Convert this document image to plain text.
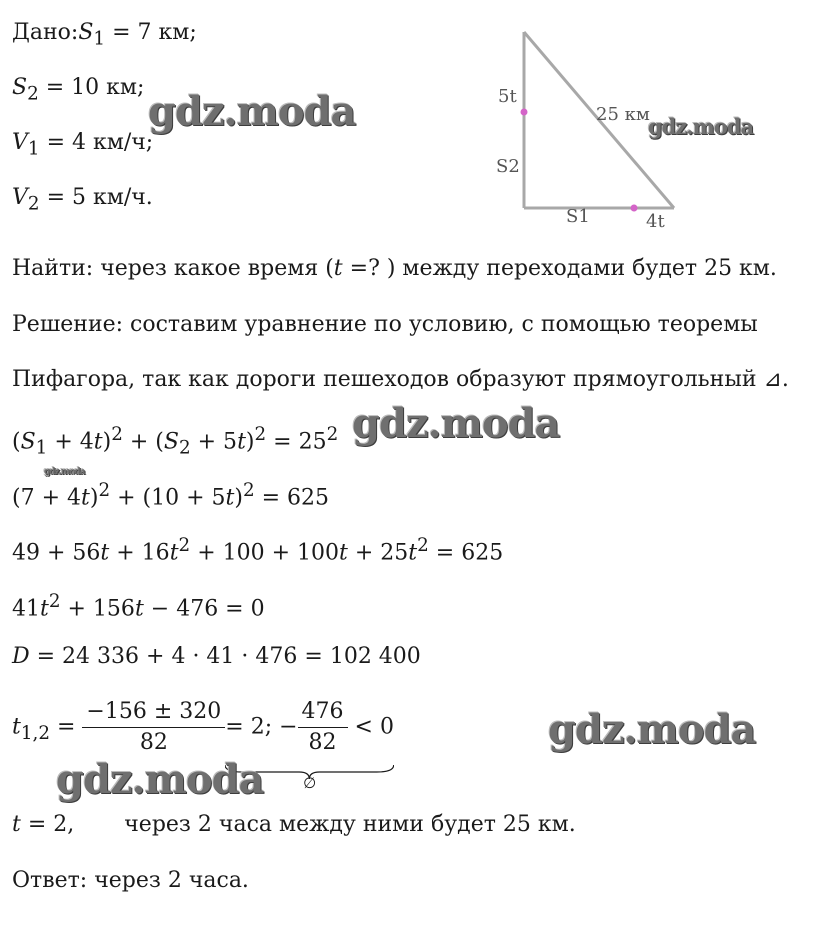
$Дано:S_1 = 7$ км;
$S_2 = 10$ км;
$V_1 = 4$ км/ч;
$V_2 = 5$ км/ч.
5t
S2
S1	4t
25 км
Найти: через какое время (t =? ) между переходами будет 25 км.
Решение: составим уравнение по условию, с помощью теоремы
Пифагора, так как дороги пешеходов образуют прямоугольный ⊿.
$(S_1 + 4t)^2 + (S_2 + 5t)^2 = 25^2$
$(7 + 4t)^2 + (10 + 5t)^2 = 625$
$49 + 56t + 16t^2 + 100 + 100t + 25t^2 = 625$
$41t^2 + 156t - 476 = 0$
D = 24 336 + 4 · 41 · 476 = 102 400
$t_{1,2} = \frac{-156 \pm 320}{82} = 2$; − $\frac{476}{82} < 0$
∅
t = 2, через 2 часа между ними будет 25 км.
Ответ: через 2 часа.
gdz.moda	gdz.moda
gdz.moda
gdz.moda
gdz.moda
gdz.moda
